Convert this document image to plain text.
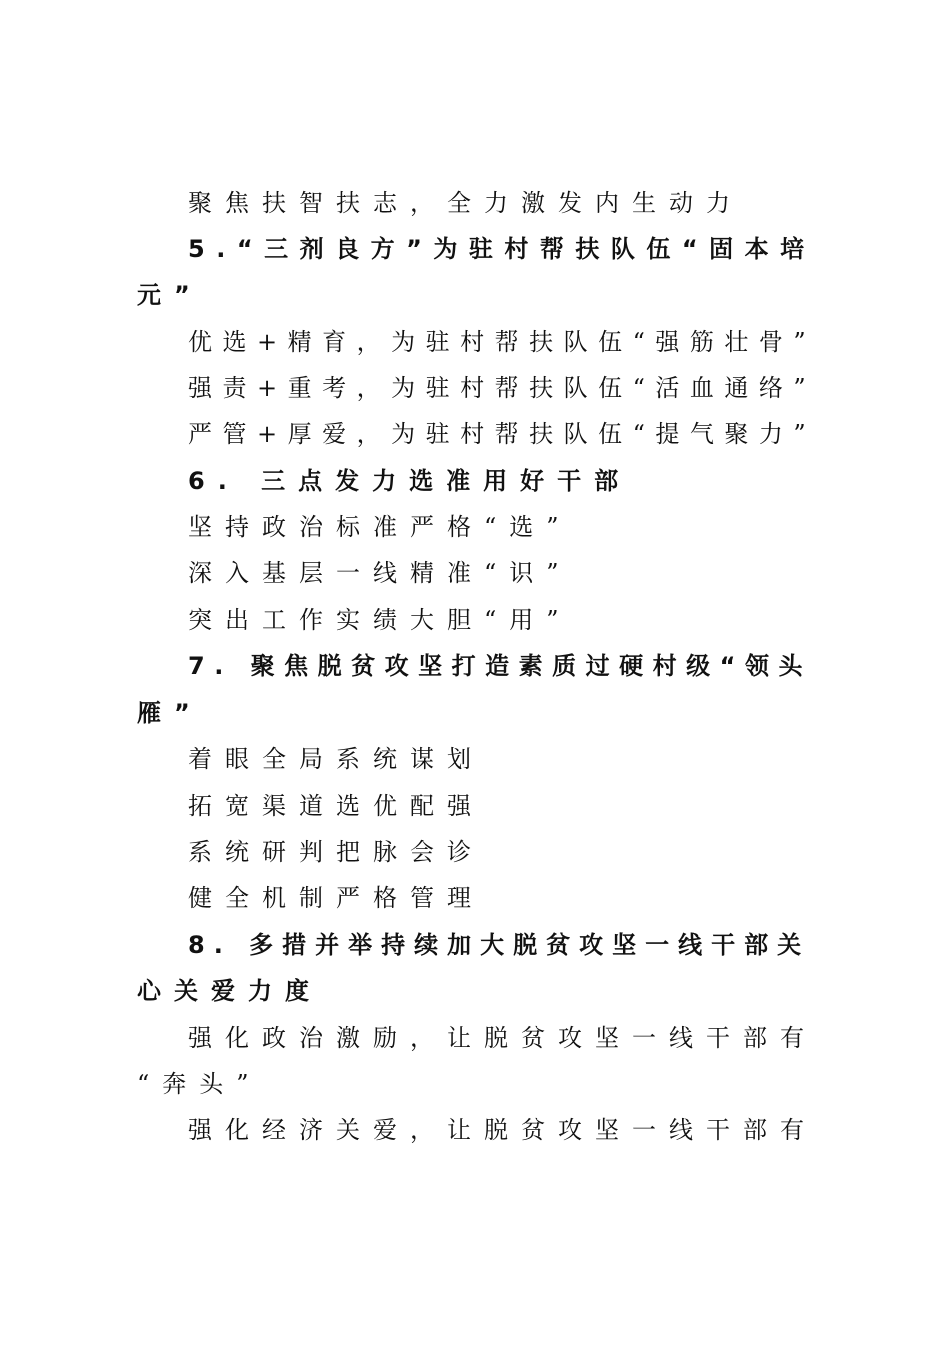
聚焦扶智扶志，全力激发内生动力
5.“三剂良方”为驻村帮扶队伍“固本培
元”
优选+精育，为驻村帮扶队伍“强筋壮骨”
强责+重考，为驻村帮扶队伍“活血通络”
严管+厚爱，为驻村帮扶队伍“提气聚力”
6. 三点发力选准用好干部
坚持政治标准严格“选”
深入基层一线精准“识”
突出工作实绩大胆“用”
7. 聚焦脱贫攻坚打造素质过硬村级“领头
雁”
着眼全局系统谋划
拓宽渠道选优配强
系统研判把脉会诊
健全机制严格管理
8. 多措并举持续加大脱贫攻坚一线干部关
心关爱力度
强化政治激励，让脱贫攻坚一线干部有
“奔头”
强化经济关爱，让脱贫攻坚一线干部有
